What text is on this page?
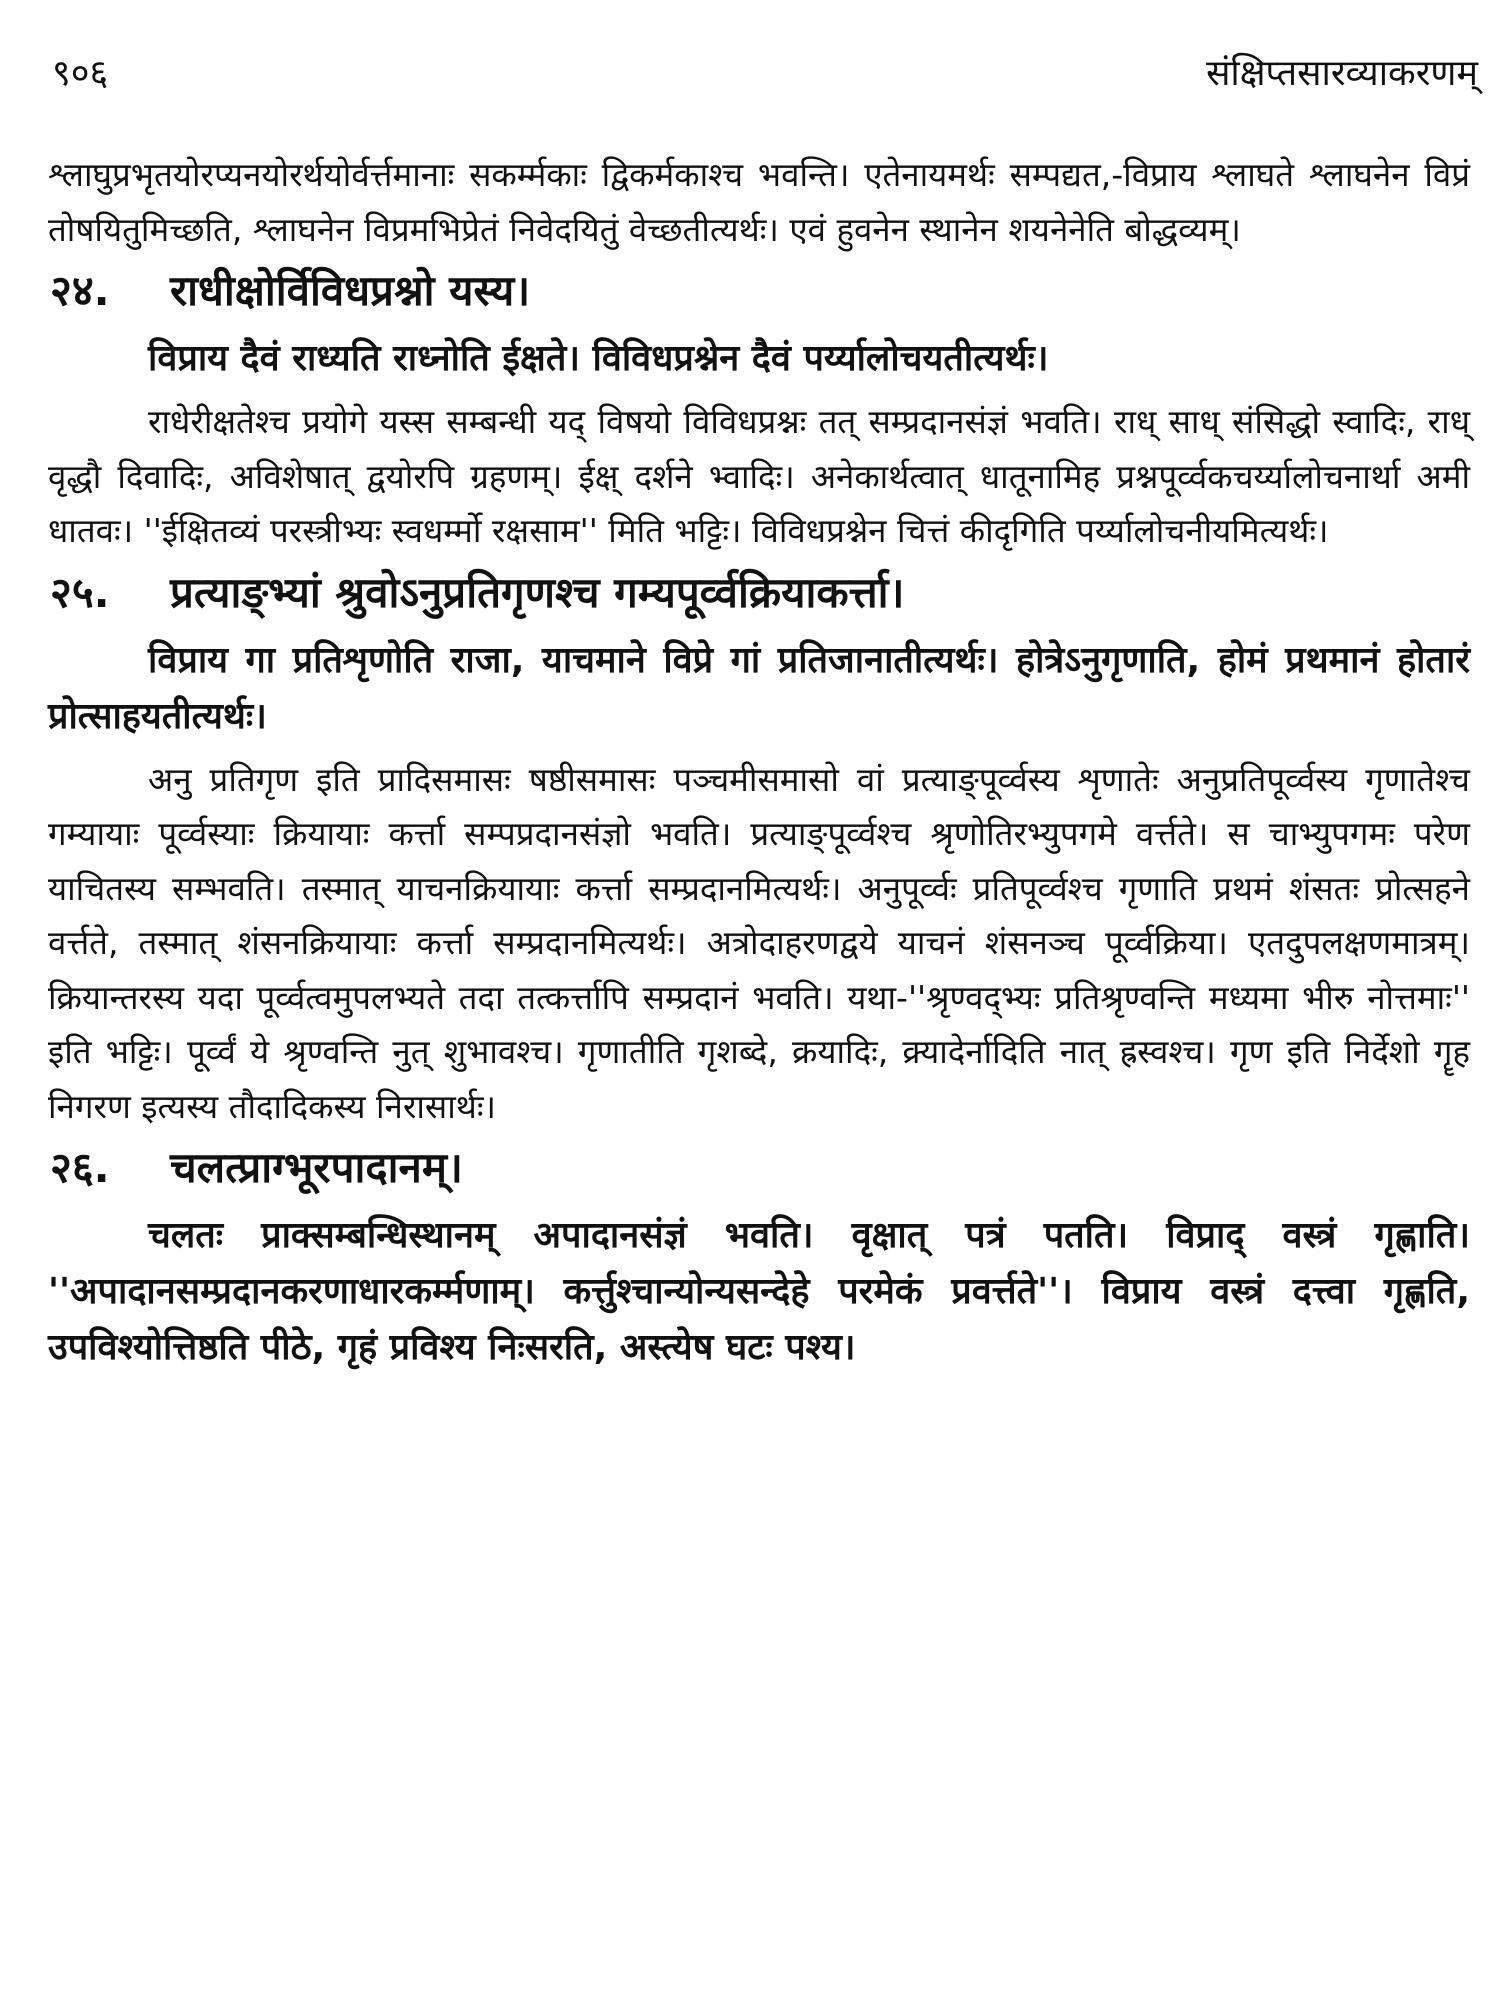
९०६	संक्षिप्तसारव्याकरणम्

श्लाघुप्रभृतयोरप्यनयोरर्थयोर्वर्त्तमानाः सकर्म्मकाः द्विकर्मकाश्च भवन्ति। एतेनायमर्थः सम्पद्यत,-विप्राय श्लाघते श्लाघनेन विप्रं तोषयितुमिच्छति, श्लाघनेन विप्रमभिप्रेतं निवेदयितुं वेच्छतीत्यर्थः। एवं हुवनेन स्थानेन शयनेनेति बोद्धव्यम्।

२४. राधीक्षोर्विविधप्रश्नो यस्य।

विप्राय दैवं राध्यति राध्नोति ईक्षते। विविधप्रश्नेन दैवं पर्य्यालोचयतीत्यर्थः।

राधेरीक्षतेश्च प्रयोगे यस्स सम्बन्धी यद् विषयो विविधप्रश्नः तत् सम्प्रदानसंज्ञं भवति। राध् साध् संसिद्धो स्वादिः, राध् वृद्धौ दिवादिः, अविशेषात् द्वयोरपि ग्रहणम्। ईक्ष् दर्शने भ्वादिः। अनेकार्थत्वात् धातूनामिह प्रश्नपूर्व्वकचर्य्यालोचनार्था अमी धातवः। ''ईक्षितव्यं परस्त्रीभ्यः स्वधर्म्मो रक्षसाम'' मिति भट्टिः। विविधप्रश्नेन चित्तं कीदृगिति पर्य्यालोचनीयमित्यर्थः।

२५. प्रत्याङ्भ्यां श्रुवोऽनुप्रतिगृणश्च गम्यपूर्व्वक्रियाकर्त्ता।

विप्राय गा प्रतिशृणोति राजा, याचमाने विप्रे गां प्रतिजानातीत्यर्थः। होत्रेऽनुगृणाति, होमं प्रथमानं होतारं प्रोत्साहयतीत्यर्थः।

अनु प्रतिगृण इति प्रादिसमासः षष्ठीसमासः पञ्चमीसमासो वां प्रत्याङ्पूर्व्वस्य शृणातेः अनुप्रतिपूर्व्वस्य गृणातेश्च गम्यायाः पूर्व्वस्याः क्रियायाः कर्त्ता सम्पप्रदानसंज्ञो भवति। प्रत्याङ्पूर्व्वश्च श्रृणोतिरभ्युपगमे वर्त्तते। स चाभ्युपगमः परेण याचितस्य सम्भवति। तस्मात् याचनक्रियायाः कर्त्ता सम्प्रदानमित्यर्थः। अनुपूर्व्वः प्रतिपूर्व्वश्च गृणाति प्रथमं शंसतः प्रोत्सहने वर्त्तते, तस्मात् शंसनक्रियायाः कर्त्ता सम्प्रदानमित्यर्थः। अत्रोदाहरणद्वये याचनं शंसनञ्च पूर्व्वक्रिया। एतदुपलक्षणमात्रम्। क्रियान्तरस्य यदा पूर्व्वत्वमुपलभ्यते तदा तत्कर्त्तापि सम्प्रदानं भवति। यथा-''श्रृण्वद्भ्यः प्रतिश्रृण्वन्ति मध्यमा भीरु नोत्तमाः'' इति भट्टिः। पूर्व्वं ये श्रृण्वन्ति नुत् शुभावश्च। गृणातीति गृशब्दे, क्रयादिः, क्र्यादेर्नादिति नात् ह्रस्वश्च। गृण इति निर्देशो गॄह निगरण इत्यस्य तौदादिकस्य निरासार्थः।

२६. चलत्प्राग्भूरपादानम्।

चलतः प्राक्सम्बन्धिस्थानम् अपादानसंज्ञं भवति। वृक्षात् पत्रं पतति। विप्राद् वस्त्रं गृह्णाति। ''अपादानसम्प्रदानकरणाधारकर्म्मणाम्। कर्त्तुश्चान्योन्यसन्देहे परमेकं प्रवर्त्तते''। विप्राय वस्त्रं दत्त्वा गृह्णति, उपविश्योत्तिष्ठति पीठे, गृहं प्रविश्य निःसरति, अस्त्येष घटः पश्य।
